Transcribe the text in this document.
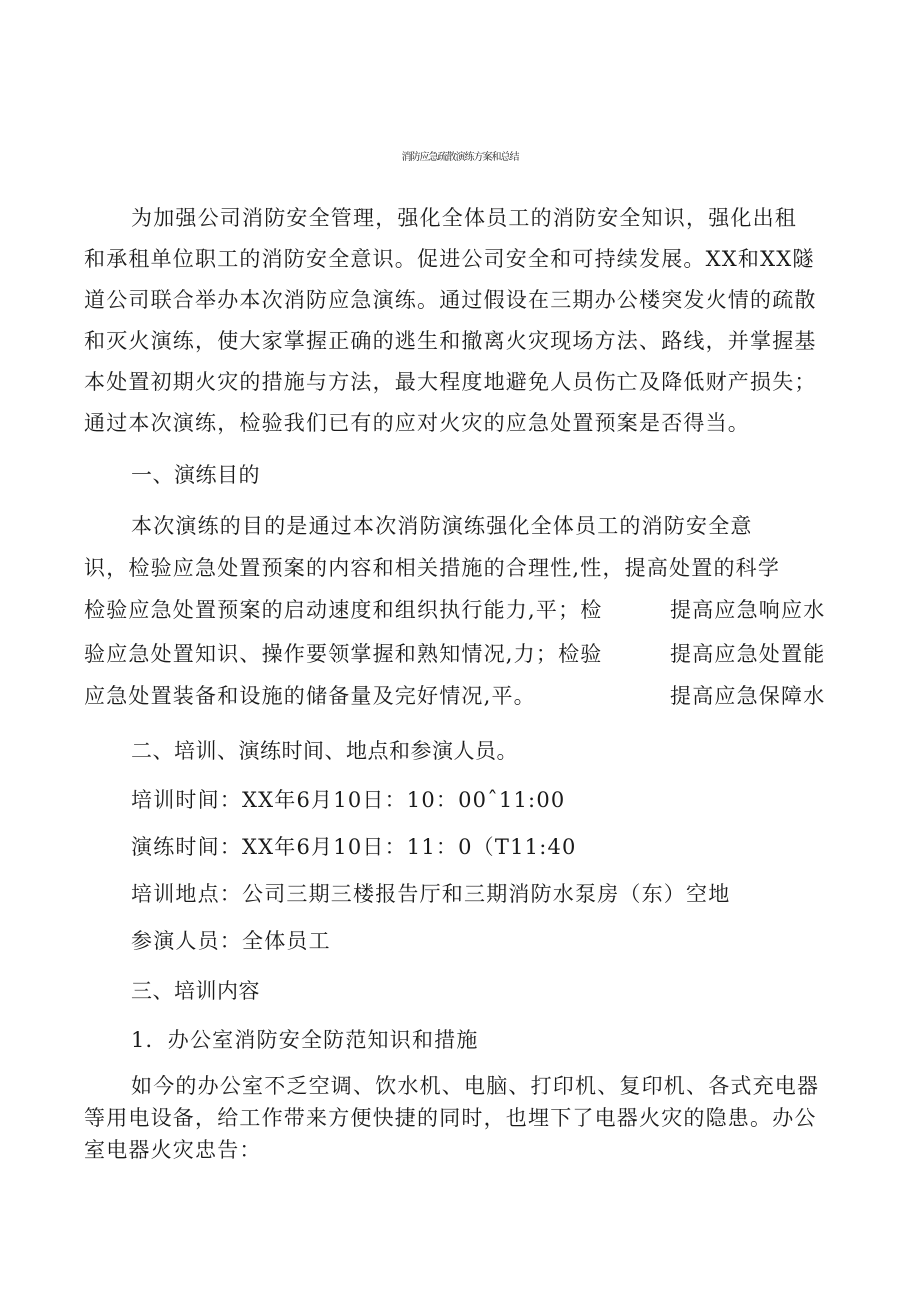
消防应急疏散演练方案和总结
为加强公司消防安全管理，强化全体员工的消防安全知识，强化出租
和承租单位职工的消防安全意识。促进公司安全和可持续发展。XX和XX隧
道公司联合举办本次消防应急演练。通过假设在三期办公楼突发火情的疏散
和灭火演练，使大家掌握正确的逃生和撤离火灾现场方法、路线，并掌握基
本处置初期火灾的措施与方法，最大程度地避免人员伤亡及降低财产损失；
通过本次演练，检验我们已有的应对火灾的应急处置预案是否得当。
一、演练目的
本次演练的目的是通过本次消防演练强化全体员工的消防安全意
识，检验应急处置预案的内容和相关措施的合理性,性，提高处置的科学
检验应急处置预案的启动速度和组织执行能力,平；检	提高应急响应水
验应急处置知识、操作要领掌握和熟知情况,力；检验	提高应急处置能
应急处置装备和设施的储备量及完好情况,平。	提高应急保障水
二、培训、演练时间、地点和参演人员。
培训时间：XX年6月10日：10：00ˆ11:00
演练时间：XX年6月10日：11：0（T11:40
培训地点：公司三期三楼报告厅和三期消防水泵房（东）空地
参演人员：全体员工
三、培训内容
1．办公室消防安全防范知识和措施
如今的办公室不乏空调、饮水机、电脑、打印机、复印机、各式充电器
等用电设备，给工作带来方便快捷的同时，也埋下了电器火灾的隐患。办公
室电器火灾忠告：
